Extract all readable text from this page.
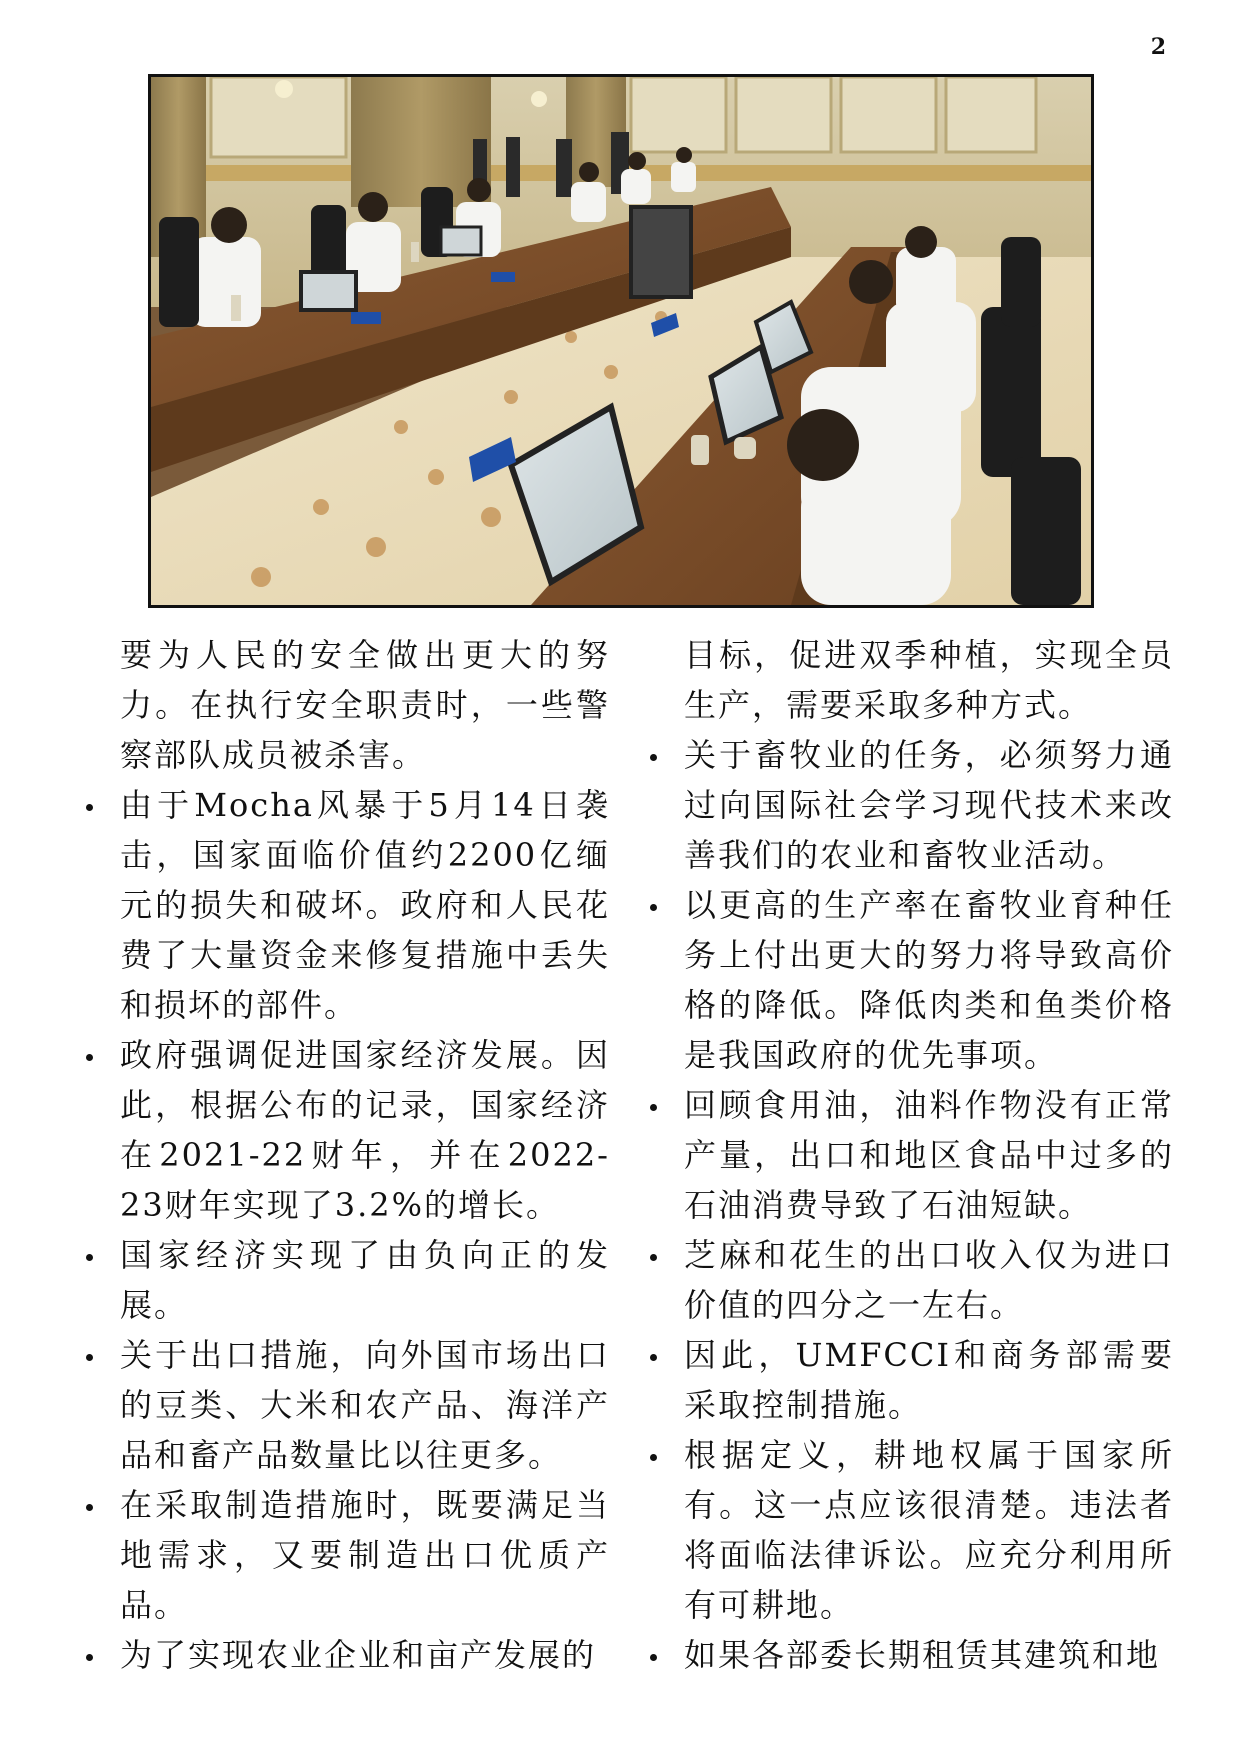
2
要为人民的安全做出更大的努力。在执行安全职责时，一些警察部队成员被杀害。
由于Mocha风暴于5月14日袭击，国家面临价值约2200亿缅元的损失和破坏。政府和人民花费了大量资金来修复措施中丢失和损坏的部件。
政府强调促进国家经济发展。因此，根据公布的记录，国家经济在2021-22财年，并在2022-23财年实现了3.2%的增长。
国家经济实现了由负向正的发展。
关于出口措施，向外国市场出口的豆类、大米和农产品、海洋产品和畜产品数量比以往更多。
在采取制造措施时，既要满足当地需求，又要制造出口优质产品。
为了实现农业企业和亩产发展的
目标，促进双季种植，实现全员生产，需要采取多种方式。
关于畜牧业的任务，必须努力通过向国际社会学习现代技术来改善我们的农业和畜牧业活动。
以更高的生产率在畜牧业育种任务上付出更大的努力将导致高价格的降低。降低肉类和鱼类价格是我国政府的优先事项。
回顾食用油，油料作物没有正常产量，出口和地区食品中过多的石油消费导致了石油短缺。
芝麻和花生的出口收入仅为进口价值的四分之一左右。
因此，UMFCCI和商务部需要采取控制措施。
根据定义，耕地权属于国家所有。这一点应该很清楚。违法者将面临法律诉讼。应充分利用所有可耕地。
如果各部委长期租赁其建筑和地
